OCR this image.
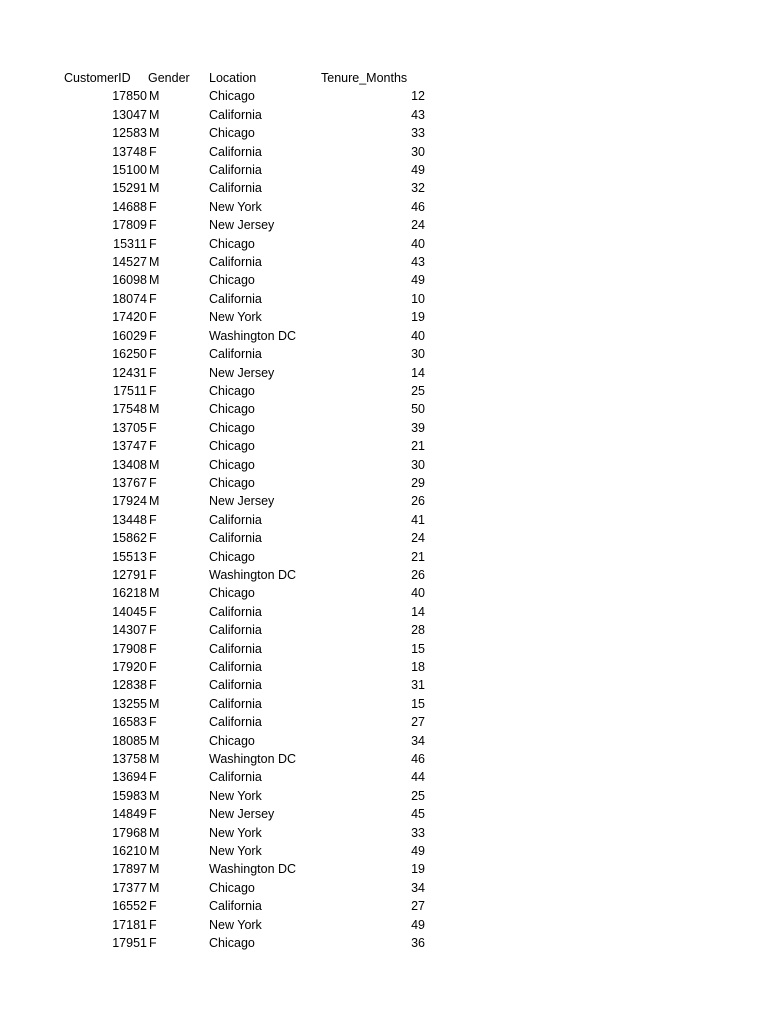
CustomerID	Gender	Location	Tenure_Months
17850	M	Chicago	12
13047	M	California	43
12583	M	Chicago	33
13748	F	California	30
15100	M	California	49
15291	M	California	32
14688	F	New York	46
17809	F	New Jersey	24
15311	F	Chicago	40
14527	M	California	43
16098	M	Chicago	49
18074	F	California	10
17420	F	New York	19
16029	F	Washington DC	40
16250	F	California	30
12431	F	New Jersey	14
17511	F	Chicago	25
17548	M	Chicago	50
13705	F	Chicago	39
13747	F	Chicago	21
13408	M	Chicago	30
13767	F	Chicago	29
17924	M	New Jersey	26
13448	F	California	41
15862	F	California	24
15513	F	Chicago	21
12791	F	Washington DC	26
16218	M	Chicago	40
14045	F	California	14
14307	F	California	28
17908	F	California	15
17920	F	California	18
12838	F	California	31
13255	M	California	15
16583	F	California	27
18085	M	Chicago	34
13758	M	Washington DC	46
13694	F	California	44
15983	M	New York	25
14849	F	New Jersey	45
17968	M	New York	33
16210	M	New York	49
17897	M	Washington DC	19
17377	M	Chicago	34
16552	F	California	27
17181	F	New York	49
17951	F	Chicago	36
